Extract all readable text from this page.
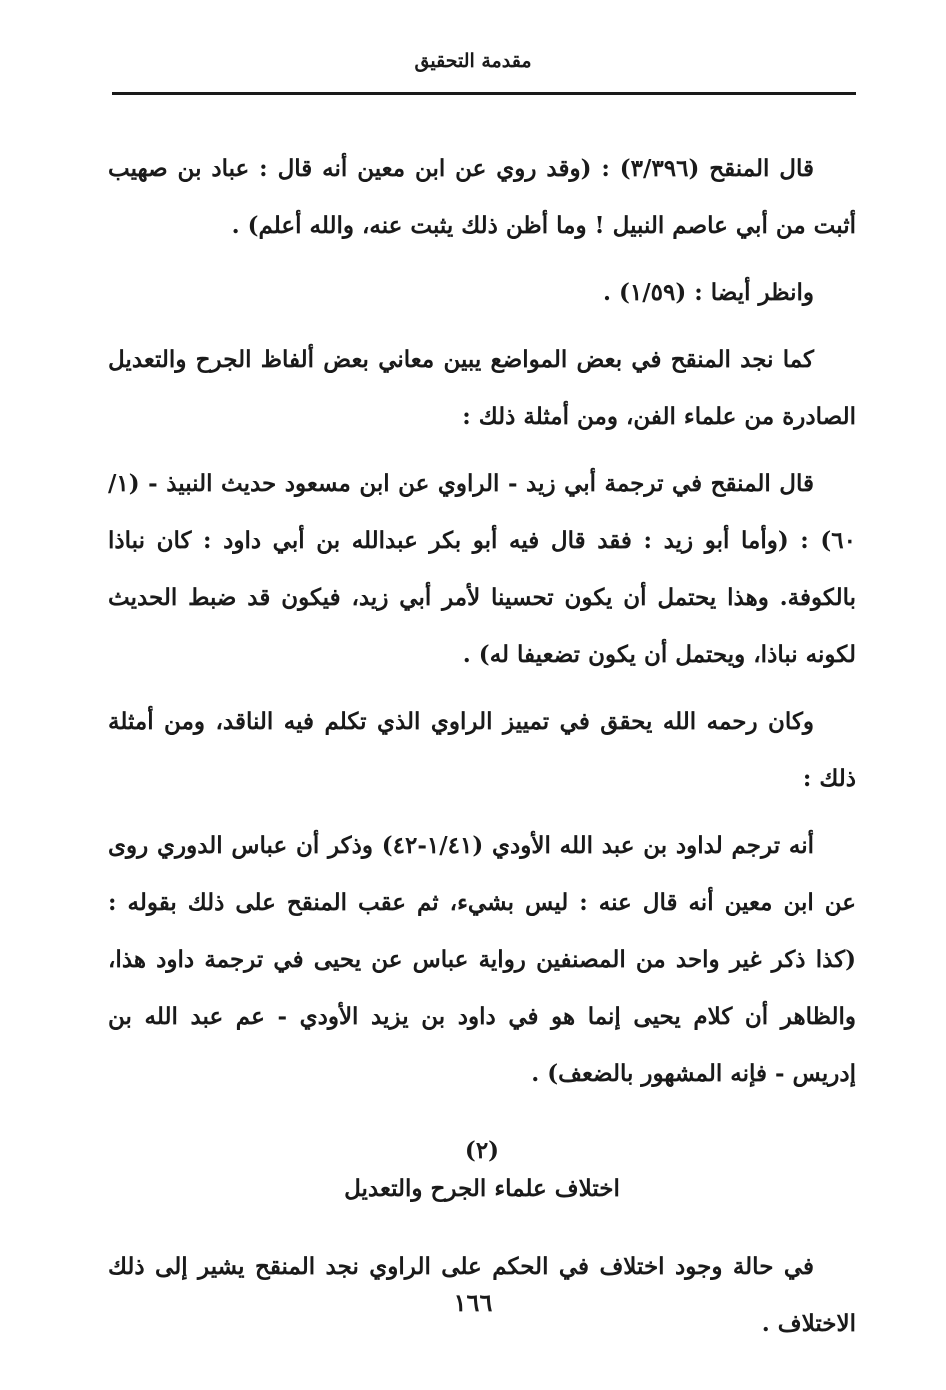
مقدمة التحقيق

قال المنقح (٣/٣٩٦) : (وقد روي عن ابن معين أنه قال : عباد بن صهيب أثبت من أبي عاصم النبيل ! وما أظن ذلك يثبت عنه، والله أعلم) .

وانظر أيضا : (١/٥٩) .

كما نجد المنقح في بعض المواضع يبين معاني بعض ألفاظ الجرح والتعديل الصادرة من علماء الفن، ومن أمثلة ذلك :

قال المنقح في ترجمة أبي زيد - الراوي عن ابن مسعود حديث النبيذ - (١/ ٦٠) : (وأما أبو زيد : فقد قال فيه أبو بكر عبدالله بن أبي داود : كان نباذا بالكوفة. وهذا يحتمل أن يكون تحسينا لأمر أبي زيد، فيكون قد ضبط الحديث لكونه نباذا، ويحتمل أن يكون تضعيفا له) .

وكان رحمه الله يحقق في تمييز الراوي الذي تكلم فيه الناقد، ومن أمثلة ذلك :

أنه ترجم لداود بن عبد الله الأودي (١/٤١-٤٢) وذكر أن عباس الدوري روى عن ابن معين أنه قال عنه : ليس بشيء، ثم عقب المنقح على ذلك بقوله : (كذا ذكر غير واحد من المصنفين رواية عباس عن يحيى في ترجمة داود هذا، والظاهر أن كلام يحيى إنما هو في داود بن يزيد الأودي - عم عبد الله بن إدريس - فإنه المشهور بالضعف) .

(٢)
اختلاف علماء الجرح والتعديل

في حالة وجود اختلاف في الحكم على الراوي نجد المنقح يشير إلى ذلك الاختلاف .

١٦٦
